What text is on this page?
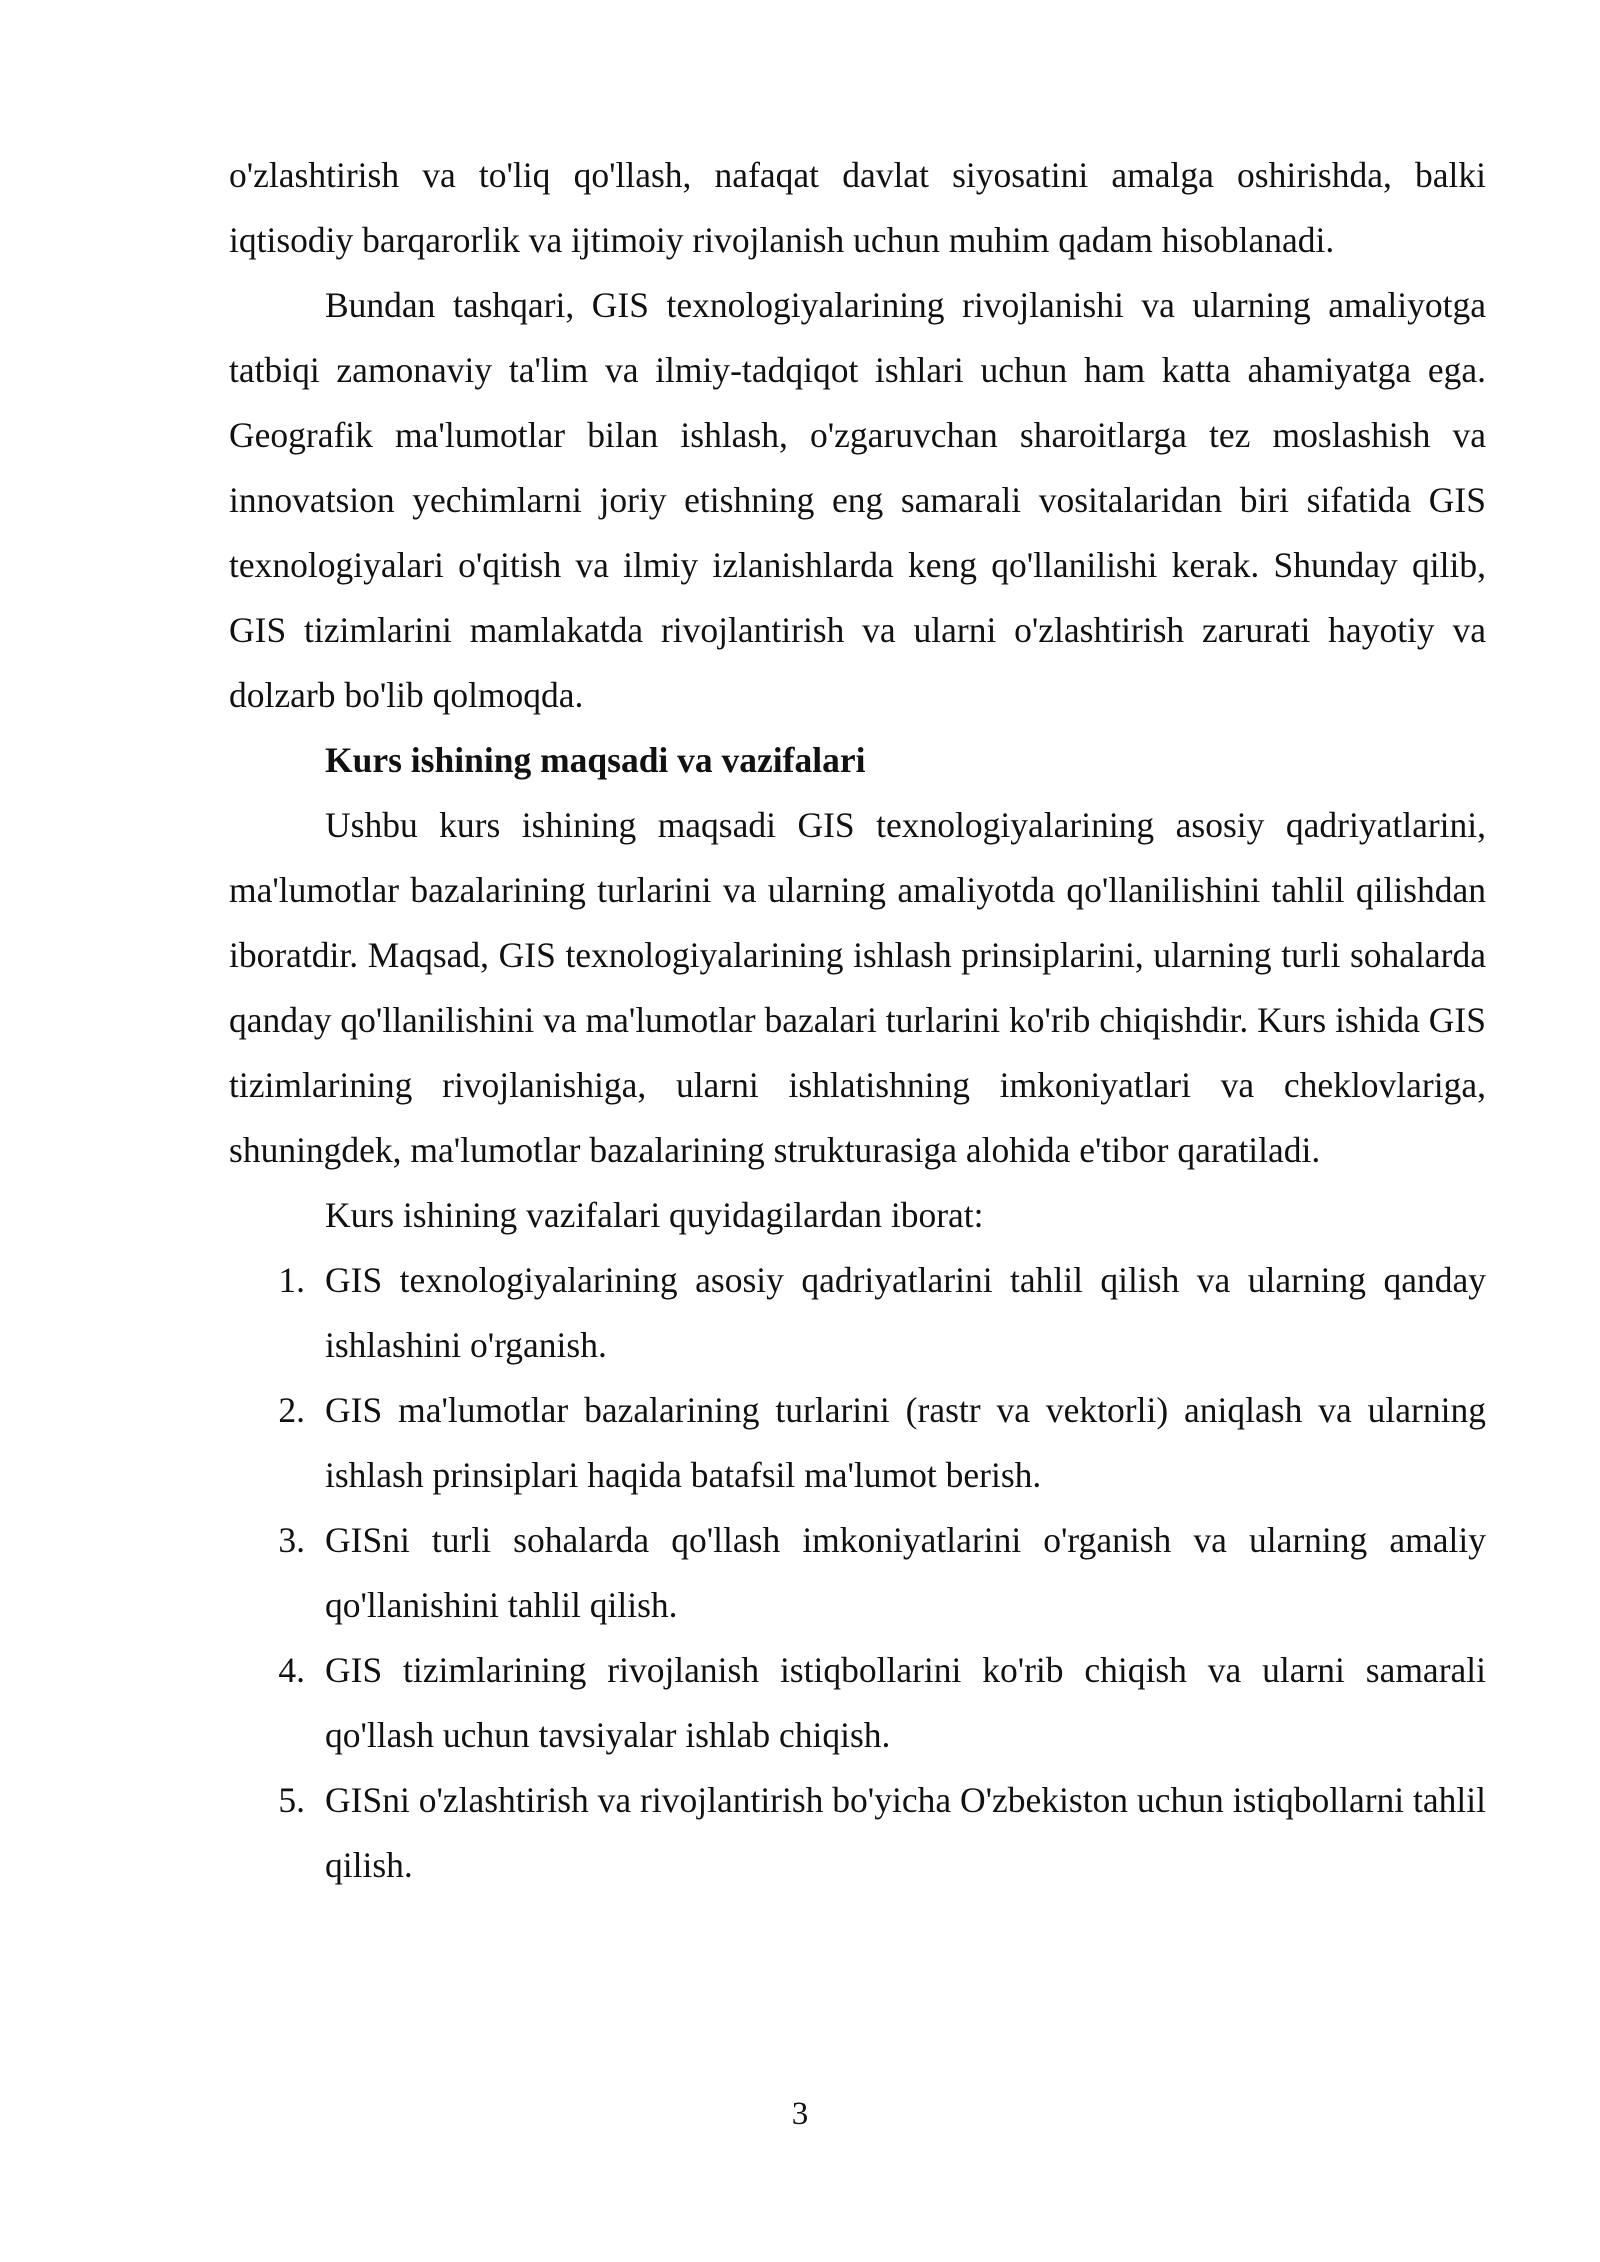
o'zlashtirish va to'liq qo'llash, nafaqat davlat siyosatini amalga oshirishda, balki iqtisodiy barqarorlik va ijtimoiy rivojlanish uchun muhim qadam hisoblanadi.

Bundan tashqari, GIS texnologiyalarining rivojlanishi va ularning amaliyotga tatbiqi zamonaviy ta'lim va ilmiy-tadqiqot ishlari uchun ham katta ahamiyatga ega. Geografik ma'lumotlar bilan ishlash, o'zgaruvchan sharoitlarga tez moslashish va innovatsion yechimlarni joriy etishning eng samarali vositalaridan biri sifatida GIS texnologiyalari o'qitish va ilmiy izlanishlarda keng qo'llanilishi kerak. Shunday qilib, GIS tizimlarini mamlakatda rivojlantirish va ularni o'zlashtirish zarurati hayotiy va dolzarb bo'lib qolmoqda.

Kurs ishining maqsadi va vazifalari

Ushbu kurs ishining maqsadi GIS texnologiyalarining asosiy qadriyatlarini, ma'lumotlar bazalarining turlarini va ularning amaliyotda qo'llanilishini tahlil qilishdan iboratdir. Maqsad, GIS texnologiyalarining ishlash prinsiplarini, ularning turli sohalarda qanday qo'llanilishini va ma'lumotlar bazalari turlarini ko'rib chiqishdir. Kurs ishida GIS tizimlarining rivojlanishiga, ularni ishlatishning imkoniyatlari va cheklovlariga, shuningdek, ma'lumotlar bazalarining strukturasiga alohida e'tibor qaratiladi.

Kurs ishining vazifalari quyidagilardan iborat:

1. GIS texnologiyalarining asosiy qadriyatlarini tahlil qilish va ularning qanday ishlashini o'rganish.
2. GIS ma'lumotlar bazalarining turlarini (rastr va vektorli) aniqlash va ularning ishlash prinsiplari haqida batafsil ma'lumot berish.
3. GISni turli sohalarda qo'llash imkoniyatlarini o'rganish va ularning amaliy qo'llanishini tahlil qilish.
4. GIS tizimlarining rivojlanish istiqbollarini ko'rib chiqish va ularni samarali qo'llash uchun tavsiyalar ishlab chiqish.
5. GISni o'zlashtirish va rivojlantirish bo'yicha O'zbekiston uchun istiqbollarni tahlil qilish.
3
